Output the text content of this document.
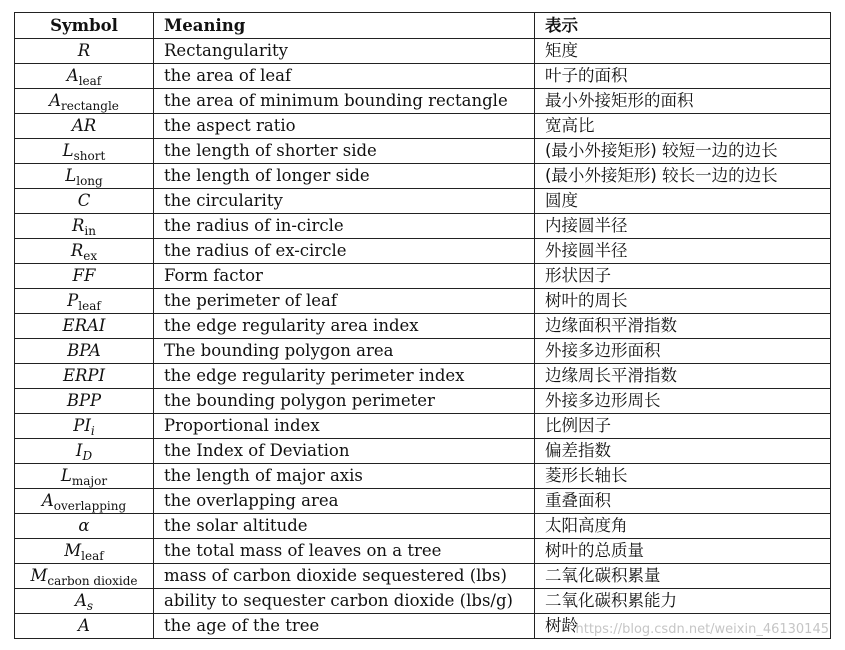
Symbol	Meaning	表示
R	Rectangularity	矩度
$A_{leaf}$	the area of leaf	叶子的面积
$A_{rectangle}$	the area of minimum bounding rectangle	最小外接矩形的面积
AR	the aspect ratio	宽高比
$L_{short}$	the length of shorter side	(最小外接矩形) 较短一边的边长
$L_{long}$	the length of longer side	(最小外接矩形) 较长一边的边长
C	the circularity	圆度
$R_{in}$	the radius of in-circle	内接圆半径
$R_{ex}$	the radius of ex-circle	外接圆半径
FF	Form factor	形状因子
$P_{leaf}$	the perimeter of leaf	树叶的周长
ERAI	the edge regularity area index	边缘面积平滑指数
BPA	The bounding polygon area	外接多边形面积
ERPI	the edge regularity perimeter index	边缘周长平滑指数
BPP	the bounding polygon perimeter	外接多边形周长
$PI_i$	Proportional index	比例因子
$I_D$	the Index of Deviation	偏差指数
$L_{major}$	the length of major axis	菱形长轴长
$A_{overlapping}$	the overlapping area	重叠面积
α	the solar altitude	太阳高度角
$M_{leaf}$	the total mass of leaves on a tree	树叶的总质量
$M_{carbon dioxide}$	mass of carbon dioxide sequestered (lbs)	二氧化碳积累量
$A_s$	ability to sequester carbon dioxide (lbs/g)	二氧化碳积累能力
A	the age of the tree	树龄
https://blog.csdn.net/weixin_46130145
